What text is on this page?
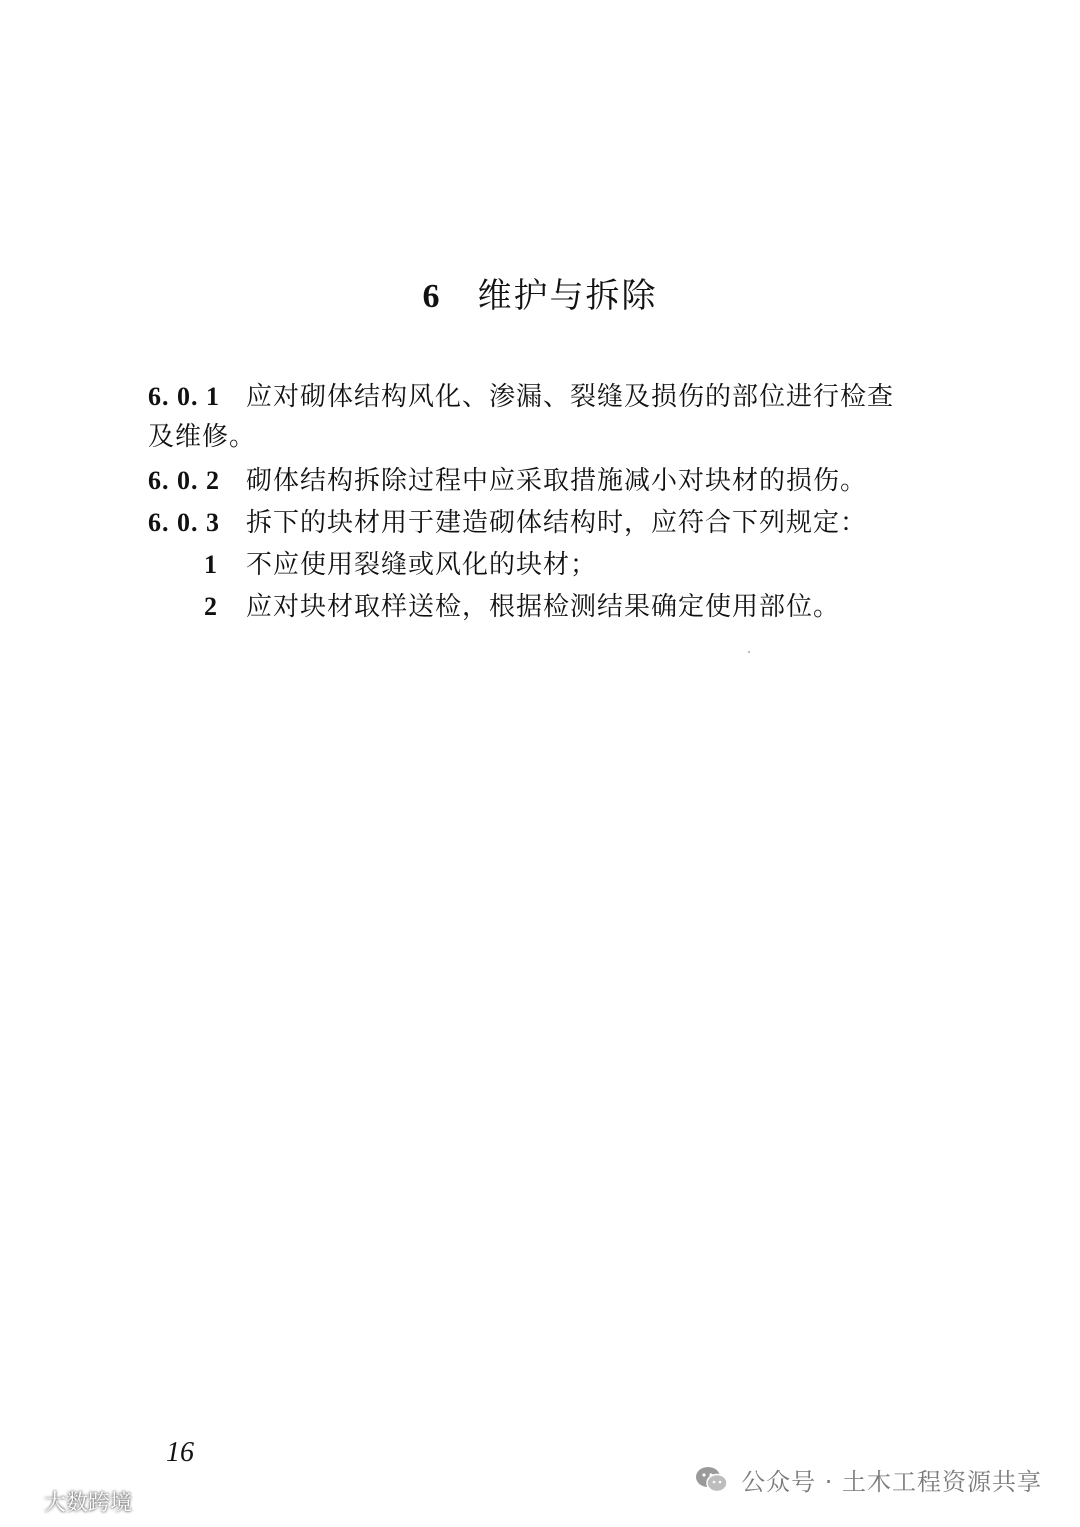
6 维护与拆除
6. 0. 1 应对砌体结构风化、渗漏、裂缝及损伤的部位进行检查
及维修。
6. 0. 2 砌体结构拆除过程中应采取措施减小对块材的损伤。
6. 0. 3 拆下的块材用于建造砌体结构时，应符合下列规定：
1 不应使用裂缝或风化的块材；
2 应对块材取样送检，根据检测结果确定使用部位。
16
公众号 · 土木工程资源共享
大数跨境
